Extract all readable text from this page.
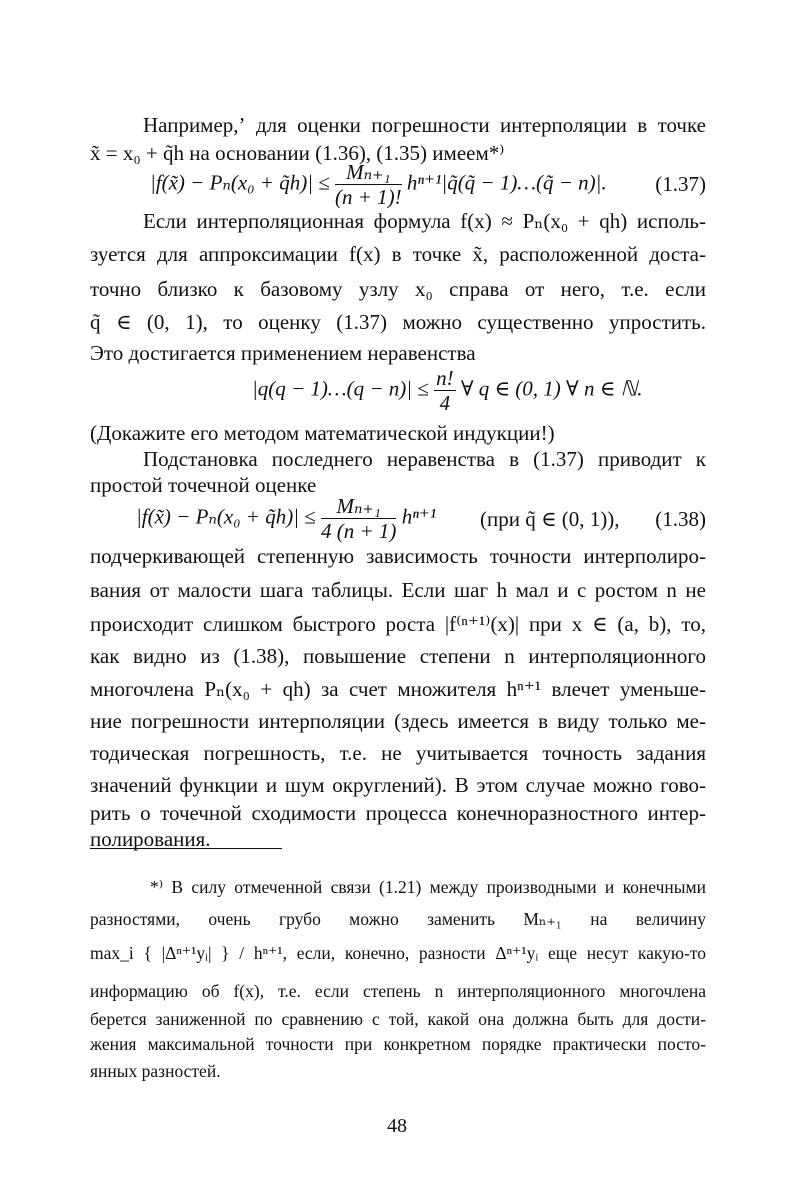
Например,ʼ для оценки погрешности интерполяции в точке
x̃ = x₀ + q̃h на основании (1.36), (1.35) имеем*⁾
|f(x̃) − Pₙ(x₀ + q̃h)| ≤ $\frac{\text{Mₙ₊₁}}{(n + 1)!}$ hⁿ⁺¹|q̃(q̃ − 1)…(q̃ − n)|. (1.37)
Если интерполяционная формула f(x) ≈ Pₙ(x₀ + qh) исполь-
зуется для аппроксимации f(x) в точке x̃, расположенной доста-
точно близко к базовому узлу x₀ справа от него, т.е. если
q̃ ∈ (0, 1), то оценку (1.37) можно существенно упростить.
Это достигается применением неравенства
|q(q − 1)…(q − $n)| \le \frac{n!}{4}$ ∀ q ∈ (0, 1) ∀ n ∈ ℕ.
(Докажите его методом математической индукции!)
Подстановка последнего неравенства в (1.37) приводит к
простой точечной оценке
|f(x̃) − Pₙ(x₀ + q̃h)| ≤ $\frac{\text{Mₙ₊₁}}{4 (n + 1)} h^{n+1}$ (при q̃ ∈ (0, 1)), (1.38)
подчеркивающей степенную зависимость точности интерполиро-
вания от малости шага таблицы. Если шаг h мал и с ростом n не
происходит слишком быстрого роста |f⁽ⁿ⁺¹⁾(x)| при x ∈ (a, b), то,
как видно из (1.38), повышение степени n интерполяционного
многочлена Pₙ(x₀ + qh) за счет множителя hⁿ⁺¹ влечет уменьше-
ние погрешности интерполяции (здесь имеется в виду только ме-
тодическая погрешность, т.е. не учитывается точность задания
значений функции и шум округлений). В этом случае можно гово-
рить о точечной сходимости процесса конечноразностного интер-
полирования.
*⁾ В силу отмеченной связи (1.21) между производными и конечными
разностями, очень грубо можно заменить Mₙ₊₁ на величину
max_i { |Δⁿ⁺¹yᵢ| } / hⁿ⁺¹, если, конечно, разности Δⁿ⁺¹yᵢ еще несут какую-то
информацию об f(x), т.е. если степень n интерполяционного многочлена
берется заниженной по сравнению с той, какой она должна быть для дости-
жения максимальной точности при конкретном порядке практически посто-
янных разностей.
48
